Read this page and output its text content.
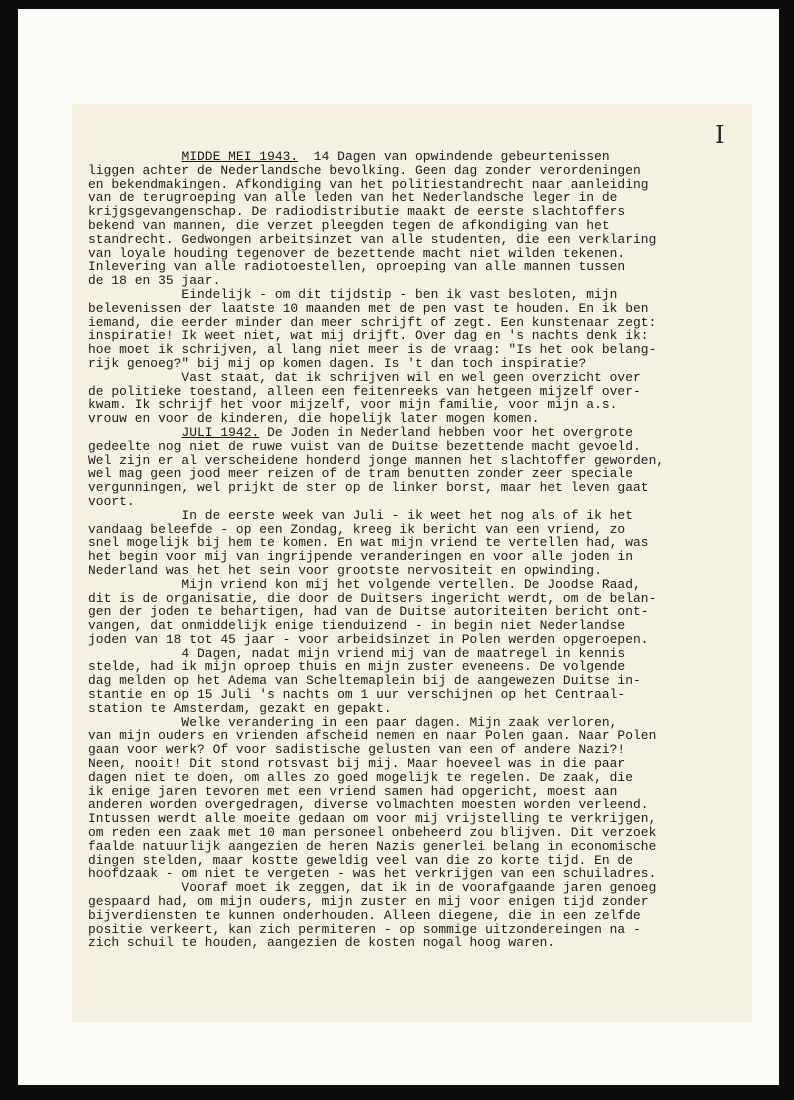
I
MIDDE MEI 1943.  14 Dagen van opwindende gebeurtenissen
liggen achter de Nederlandsche bevolking. Geen dag zonder verordeningen
en bekendmakingen. Afkondiging van het politiestandrecht naar aanleiding
van de terugroeping van alle leden van het Nederlandsche leger in de
krijgsgevangenschap. De radiodistributie maakt de eerste slachtoffers
bekend van mannen, die verzet pleegden tegen de afkondiging van het
standrecht. Gedwongen arbeitsinzet van alle studenten, die een verklaring
van loyale houding tegenover de bezettende macht niet wilden tekenen.
Inlevering van alle radiotoestellen, oproeping van alle mannen tussen
de 18 en 35 jaar.
Eindelijk - om dit tijdstip - ben ik vast besloten, mijn
belevenissen der laatste 10 maanden met de pen vast te houden. En ik ben
iemand, die eerder minder dan meer schrijft of zegt. Een kunstenaar zegt:
inspiratie! Ik weet niet, wat mij drijft. Over dag en 's nachts denk ik:
hoe moet ik schrijven, al lang niet meer is de vraag: "Is het ook belang-
rijk genoeg?" bij mij op komen dagen. Is 't dan toch inspiratie?
Vast staat, dat ik schrijven wil en wel geen overzicht over
de politieke toestand, alleen een feitenreeks van hetgeen mijzelf over-
kwam. Ik schrijf het voor mijzelf, voor mijn familie, voor mijn a.s.
vrouw en voor de kinderen, die hopelijk later mogen komen.
JULI 1942. De Joden in Nederland hebben voor het overgrote
gedeelte nog niet de ruwe vuist van de Duitse bezettende macht gevoeld.
Wel zijn er al verscheidene honderd jonge mannen het slachtoffer geworden,
wel mag geen jood meer reizen of de tram benutten zonder zeer speciale
vergunningen, wel prijkt de ster op de linker borst, maar het leven gaat
voort.
In de eerste week van Juli - ik weet het nog als of ik het
vandaag beleefde - op een Zondag, kreeg ik bericht van een vriend, zo
snel mogelijk bij hem te komen. En wat mijn vriend te vertellen had, was
het begin voor mij van ingrijpende veranderingen en voor alle joden in
Nederland was het het sein voor grootste nervositeit en opwinding.
Mijn vriend kon mij het volgende vertellen. De Joodse Raad,
dit is de organisatie, die door de Duitsers ingericht werdt, om de belan-
gen der joden te behartigen, had van de Duitse autoriteiten bericht ont-
vangen, dat onmiddelijk enige tienduizend - in begin niet Nederlandse
joden van 18 tot 45 jaar - voor arbeidsinzet in Polen werden opgeroepen.
4 Dagen, nadat mijn vriend mij van de maatregel in kennis
stelde, had ik mijn oproep thuis en mijn zuster eveneens. De volgende
dag melden op het Adema van Scheltemaplein bij de aangewezen Duitse in-
stantie en op 15 Juli 's nachts om 1 uur verschijnen op het Centraal-
station te Amsterdam, gezakt en gepakt.
Welke verandering in een paar dagen. Mijn zaak verloren,
van mijn ouders en vrienden afscheid nemen en naar Polen gaan. Naar Polen
gaan voor werk? Of voor sadistische gelusten van een of andere Nazi?!
Neen, nooit! Dit stond rotsvast bij mij. Maar hoeveel was in die paar
dagen niet te doen, om alles zo goed mogelijk te regelen. De zaak, die
ik enige jaren tevoren met een vriend samen had opgericht, moest aan
anderen worden overgedragen, diverse volmachten moesten worden verleend.
Intussen werdt alle moeite gedaan om voor mij vrijstelling te verkrijgen,
om reden een zaak met 10 man personeel onbeheerd zou blijven. Dit verzoek
faalde natuurlijk aangezien de heren Nazis generlei belang in economische
dingen stelden, maar kostte geweldig veel van die zo korte tijd. En de
hoofdzaak - om niet te vergeten - was het verkrijgen van een schuiladres.
Vooraf moet ik zeggen, dat ik in de voorafgaande jaren genoeg
gespaard had, om mijn ouders, mijn zuster en mij voor enigen tijd zonder
bijverdiensten te kunnen onderhouden. Alleen diegene, die in een zelfde
positie verkeert, kan zich permiteren - op sommige uitzondereingen na -
zich schuil te houden, aangezien de kosten nogal hoog waren.
